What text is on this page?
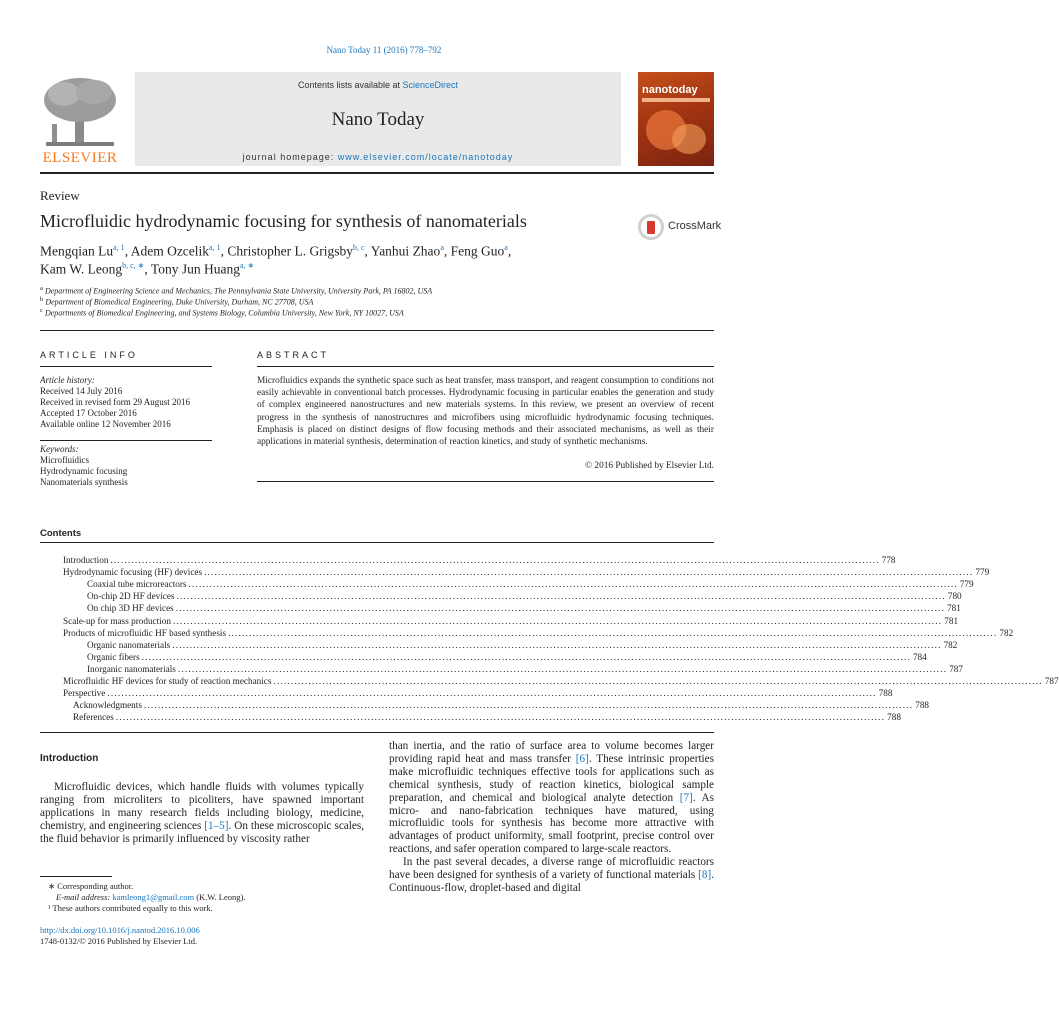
Nano Today 11 (2016) 778–792
ELSEVIER
Contents lists available at ScienceDirect
Nano Today
journal homepage: www.elsevier.com/locate/nanotoday
nanotoday
Review
Microfluidic hydrodynamic focusing for synthesis of nanomaterials	CrossMark
Mengqian Lu$^{a, 1}$, Adem Ozcelik$^{a, 1}$, Christopher L. Grigsby$^{b, c}$, Yanhui Zhao$^a$, Feng Guo$^a$,
Kam W. Leong$^{b, c, ∗}$, Tony Jun Huang$^{a, ∗}$
$^a$ Department of Engineering Science and Mechanics, The Pennsylvania State University, University Park, PA 16802, USA
$^b$ Department of Biomedical Engineering, Duke University, Durham, NC 27708, USA
$^c$ Departments of Biomedical Engineering, and Systems Biology, Columbia University, New York, NY 10027, USA
ARTICLE INFO
Article history:
Received 14 July 2016
Received in revised form 29 August 2016
Accepted 17 October 2016
Available online 12 November 2016
Keywords:
Microfluidics
Hydrodynamic focusing
Nanomaterials synthesis
ABSTRACT
Microfluidics expands the synthetic space such as heat transfer, mass transport, and reagent consumption to conditions not easily achievable in conventional batch processes. Hydrodynamic focusing in particular enables the generation and study of complex engineered nanostructures and new materials systems. In this review, we present an overview of recent progress in the synthesis of nanostructures and microfibers using microfluidic hydrodynamic focusing techniques. Emphasis is placed on distinct designs of flow focusing methods and their associated mechanisms, as well as their applications in material synthesis, determination of reaction kinetics, and study of synthetic mechanisms.
© 2016 Published by Elsevier Ltd.
Contents
Introduction ............................................................................................................................................................................................................................ 778
Hydrodynamic focusing (HF) devices ............................................................................................................................................................................................................................ 779
Coaxial tube microreactors ............................................................................................................................................................................................................................ 779
On-chip 2D HF devices ............................................................................................................................................................................................................................ 780
On chip 3D HF devices ............................................................................................................................................................................................................................ 781
Scale-up for mass production ............................................................................................................................................................................................................................ 781
Products of microfluidic HF based synthesis ............................................................................................................................................................................................................................ 782
Organic nanomaterials ............................................................................................................................................................................................................................ 782
Organic fibers ............................................................................................................................................................................................................................ 784
Inorganic nanomaterials ............................................................................................................................................................................................................................ 787
Microfluidic HF devices for study of reaction mechanics ............................................................................................................................................................................................................................ 787
Perspective ............................................................................................................................................................................................................................ 788
Acknowledgments ............................................................................................................................................................................................................................ 788
References ............................................................................................................................................................................................................................ 788
Introduction

Microfluidic devices, which handle fluids with volumes typically ranging from microliters to picoliters, have spawned important applications in many research fields including biology, medicine, chemistry, and engineering sciences [1–5]. On these microscopic scales, the fluid behavior is primarily influenced by viscosity rather

than inertia, and the ratio of surface area to volume becomes larger providing rapid heat and mass transfer [6]. These intrinsic properties make microfluidic techniques effective tools for applications such as chemical synthesis, study of reaction kinetics, biological sample preparation, and chemical and biological analyte detection [7]. As micro- and nano-fabrication techniques have matured, using microfluidic tools for synthesis has become more attractive with advantages of product uniformity, small footprint, precise control over reactions, and safer operation compared to large-scale reactors.

In the past several decades, a diverse range of microfluidic reactors have been designed for synthesis of a variety of functional materials [8]. Continuous-flow, droplet-based and digital

∗ Corresponding author.
E-mail address: kamleong1@gmail.com (K.W. Leong).
¹ These authors contributed equally to this work.
http://dx.doi.org/10.1016/j.nantod.2016.10.006
1748-0132/© 2016 Published by Elsevier Ltd.
